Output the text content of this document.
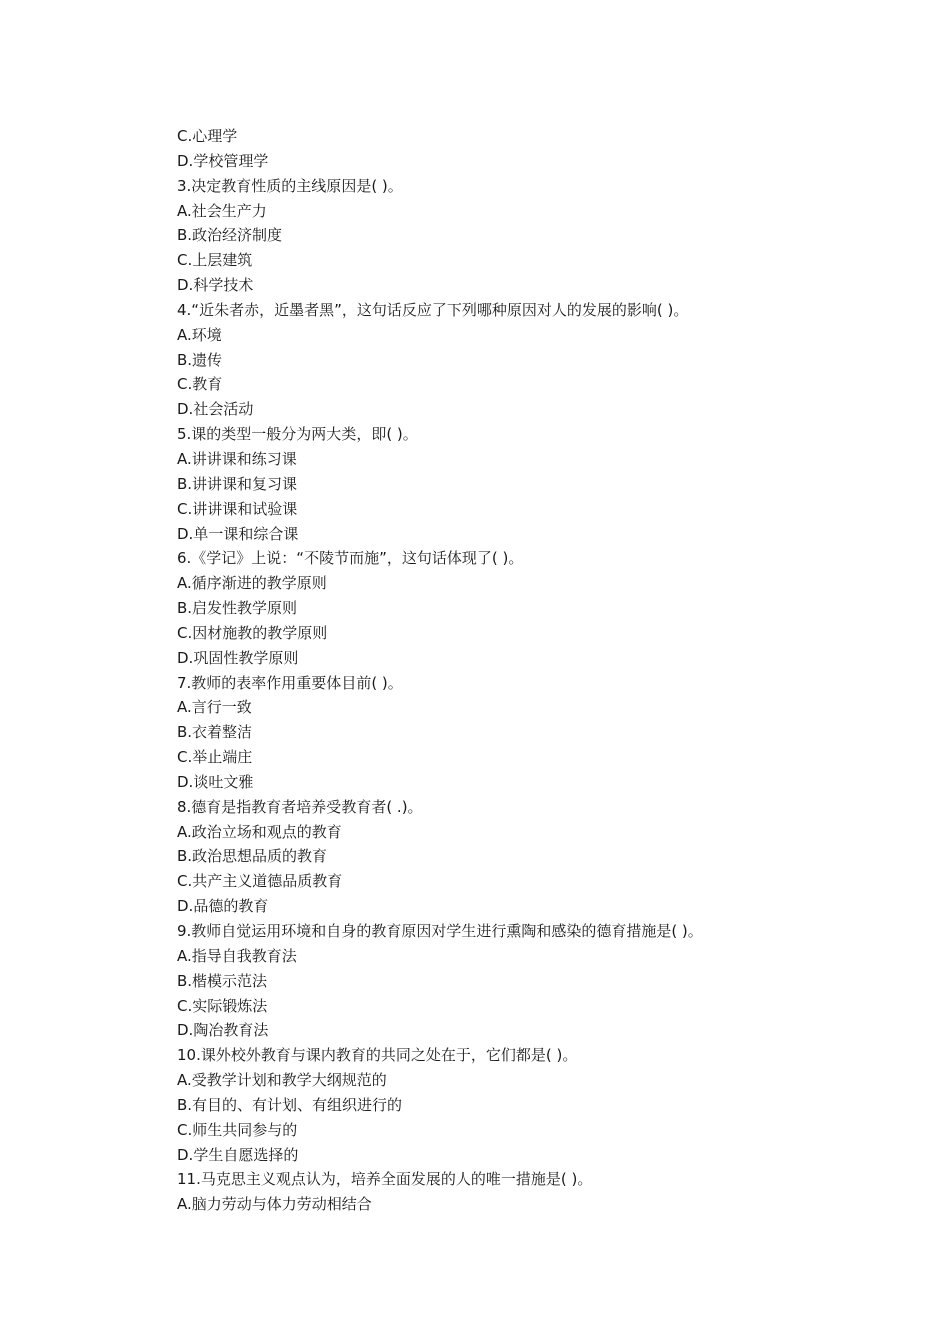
C.心理学
D.学校管理学
3.决定教育性质的主线原因是( )。
A.社会生产力
B.政治经济制度
C.上层建筑
D.科学技术
4.“近朱者赤，近墨者黑”，这句话反应了下列哪种原因对人的发展的影响( )。
A.环境
B.遗传
C.教育
D.社会活动
5.课的类型一般分为两大类，即( )。
A.讲讲课和练习课
B.讲讲课和复习课
C.讲讲课和试验课
D.单一课和综合课
6.《学记》上说：“不陵节而施”，这句话体现了( )。
A.循序渐进的教学原则
B.启发性教学原则
C.因材施教的教学原则
D.巩固性教学原则
7.教师的表率作用重要体目前( )。
A.言行一致
B.衣着整洁
C.举止端庄
D.谈吐文雅
8.德育是指教育者培养受教育者( .)。
A.政治立场和观点的教育
B.政治思想品质的教育
C.共产主义道德品质教育
D.品德的教育
9.教师自觉运用环境和自身的教育原因对学生进行熏陶和感染的德育措施是( )。
A.指导自我教育法
B.楷模示范法
C.实际锻炼法
D.陶冶教育法
10.课外校外教育与课内教育的共同之处在于，它们都是( )。
A.受教学计划和教学大纲规范的
B.有目的、有计划、有组织进行的
C.师生共同参与的
D.学生自愿选择的
11.马克思主义观点认为，培养全面发展的人的唯一措施是( )。
A.脑力劳动与体力劳动相结合
